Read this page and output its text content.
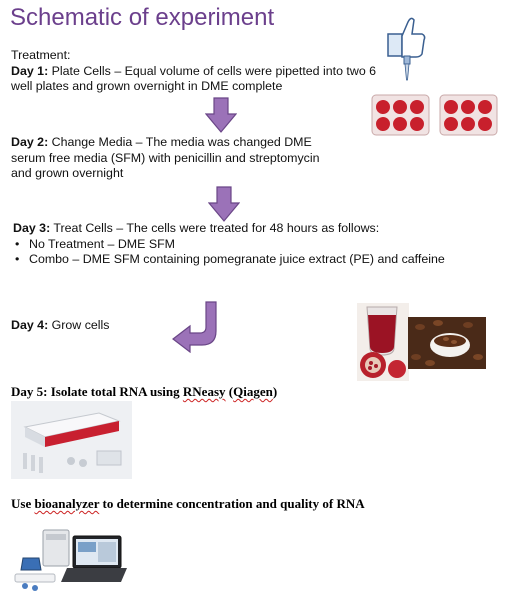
Schematic of experiment
Treatment:
Day 1: Plate Cells – Equal volume of cells were pipetted into two 6 well plates and grown overnight in DME complete
Day 2: Change Media – The media was changed DME serum free media (SFM) with penicillin and streptomycin and grown overnight
Day 3: Treat Cells – The cells were treated for 48 hours as follows:
• No Treatment – DME SFM
• Combo – DME SFM containing pomegranate juice extract (PE) and caffeine
Day 4: Grow cells
Day 5: Isolate total RNA using RNeasy (Qiagen)
Use bioanalyzer to determine concentration and quality of RNA
